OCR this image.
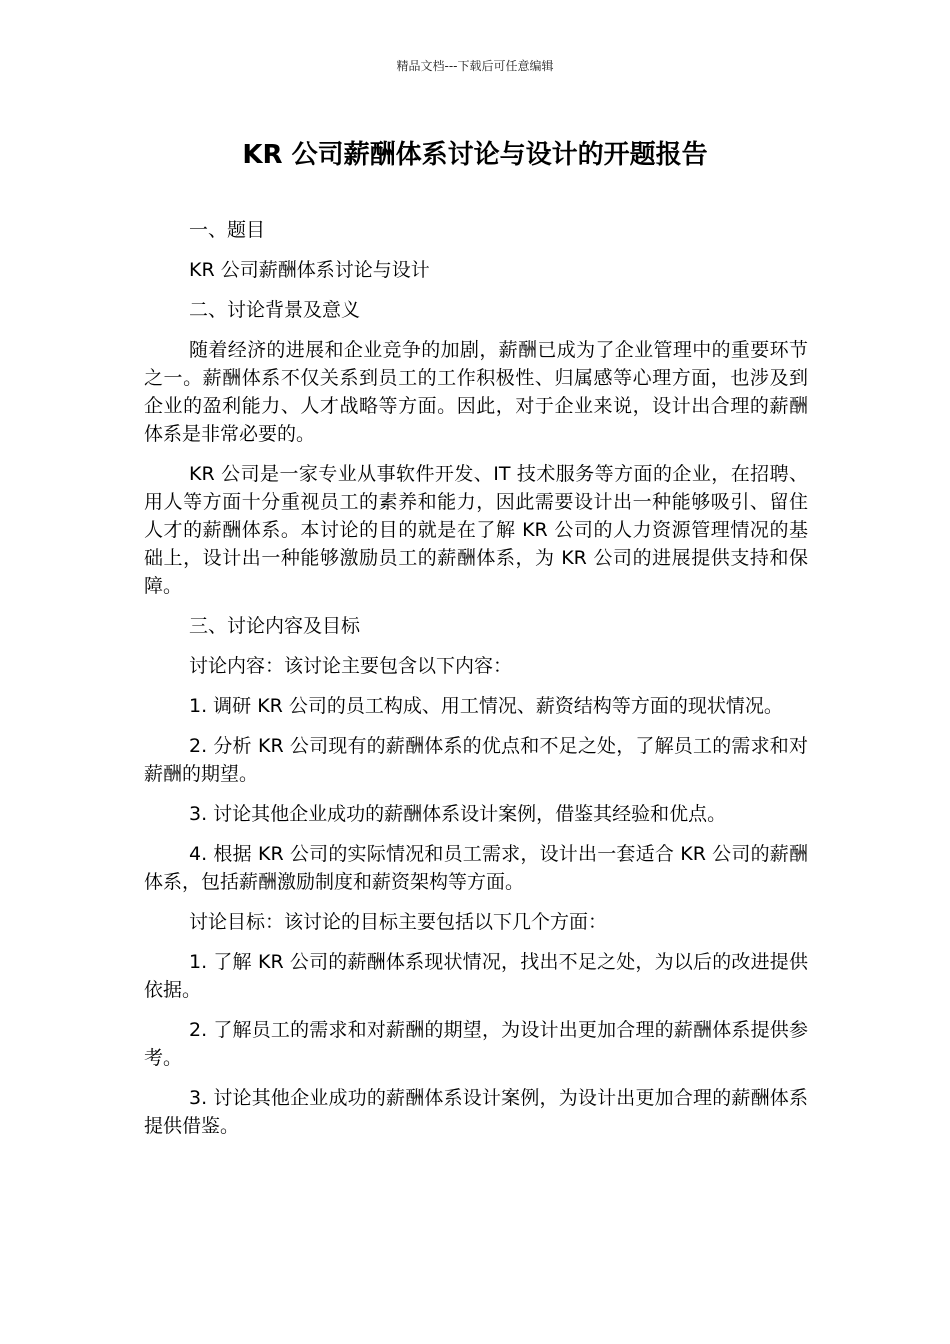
精品文档---下载后可任意编辑
KR 公司薪酬体系讨论与设计的开题报告

一、题目

KR 公司薪酬体系讨论与设计

二、讨论背景及意义

随着经济的进展和企业竞争的加剧，薪酬已成为了企业管理中的重要环节之一。薪酬体系不仅关系到员工的工作积极性、归属感等心理方面，也涉及到企业的盈利能力、人才战略等方面。因此，对于企业来说，设计出合理的薪酬体系是非常必要的。

KR 公司是一家专业从事软件开发、IT 技术服务等方面的企业，在招聘、用人等方面十分重视员工的素养和能力，因此需要设计出一种能够吸引、留住人才的薪酬体系。本讨论的目的就是在了解 KR 公司的人力资源管理情况的基础上，设计出一种能够激励员工的薪酬体系，为 KR 公司的进展提供支持和保障。

三、讨论内容及目标

讨论内容：该讨论主要包含以下内容：

1. 调研 KR 公司的员工构成、用工情况、薪资结构等方面的现状情况。

2. 分析 KR 公司现有的薪酬体系的优点和不足之处，了解员工的需求和对薪酬的期望。

3. 讨论其他企业成功的薪酬体系设计案例，借鉴其经验和优点。

4. 根据 KR 公司的实际情况和员工需求，设计出一套适合 KR 公司的薪酬体系，包括薪酬激励制度和薪资架构等方面。

讨论目标：该讨论的目标主要包括以下几个方面：

1. 了解 KR 公司的薪酬体系现状情况，找出不足之处，为以后的改进提供依据。

2. 了解员工的需求和对薪酬的期望，为设计出更加合理的薪酬体系提供参考。

3. 讨论其他企业成功的薪酬体系设计案例，为设计出更加合理的薪酬体系提供借鉴。
